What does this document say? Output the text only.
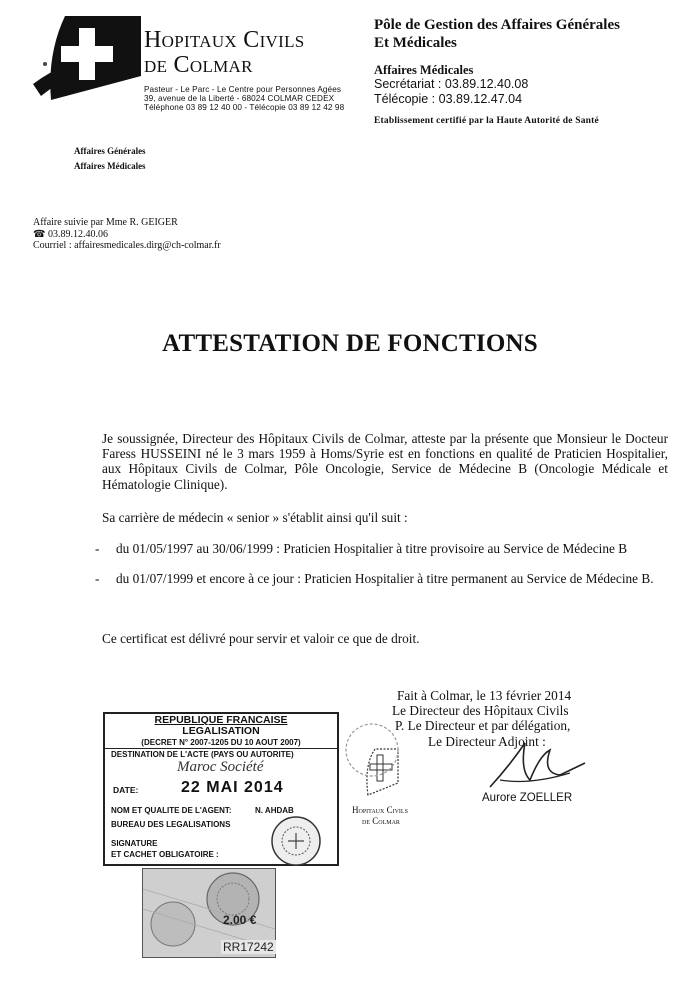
Hopitaux Civils
de Colmar
Pasteur - Le Parc - Le Centre pour Personnes Agées
39, avenue de la Liberté - 68024 COLMAR CEDEX
Téléphone 03 89 12 40 00 - Télécopie 03 89 12 42 98
Pôle de Gestion des Affaires Générales
Et Médicales
Affaires Médicales
Secrétariat : 03.89.12.40.08
Télécopie : 03.89.12.47.04
Etablissement certifié par la Haute Autorité de Santé
Affaires Générales
Affaires Médicales
Affaire suivie par Mme R. GEIGER
☎ 03.89.12.40.06
Courriel : affairesmedicales.dirg@ch-colmar.fr
ATTESTATION DE FONCTIONS
Je soussignée, Directeur des Hôpitaux Civils de Colmar, atteste par la présente que Monsieur le Docteur Faress HUSSEINI né le 3 mars 1959 à Homs/Syrie est en fonctions en qualité de Praticien Hospitalier, aux Hôpitaux Civils de Colmar, Pôle Oncologie, Service de Médecine B (Oncologie Médicale et Hématologie Clinique).
Sa carrière de médecin « senior » s'établit ainsi qu'il suit :
-	du 01/05/1997 au 30/06/1999 : Praticien Hospitalier à titre provisoire au Service de Médecine B
-	du 01/07/1999 et encore à ce jour : Praticien Hospitalier à titre permanent au Service de Médecine B.
Ce certificat est délivré pour servir et valoir ce que de droit.
Fait à Colmar, le 13 février 2014
Le Directeur des Hôpitaux Civils
P. Le Directeur et par délégation,
Le Directeur Adjoint :
Aurore ZOELLER
Hopitaux Civils
de Colmar
REPUBLIQUE FRANCAISE
LEGALISATION
(DECRET N° 2007-1205 DU 10 AOUT 2007)
DESTINATION DE L'ACTE (PAYS OU AUTORITE)
Maroc Société
DATE:	22 MAI 2014
NOM ET QUALITE DE L'AGENT:	N. AHDAB
BUREAU DES LEGALISATIONS
SIGNATURE
ET CACHET OBLIGATOIRE :
2.00 €
RR17242
